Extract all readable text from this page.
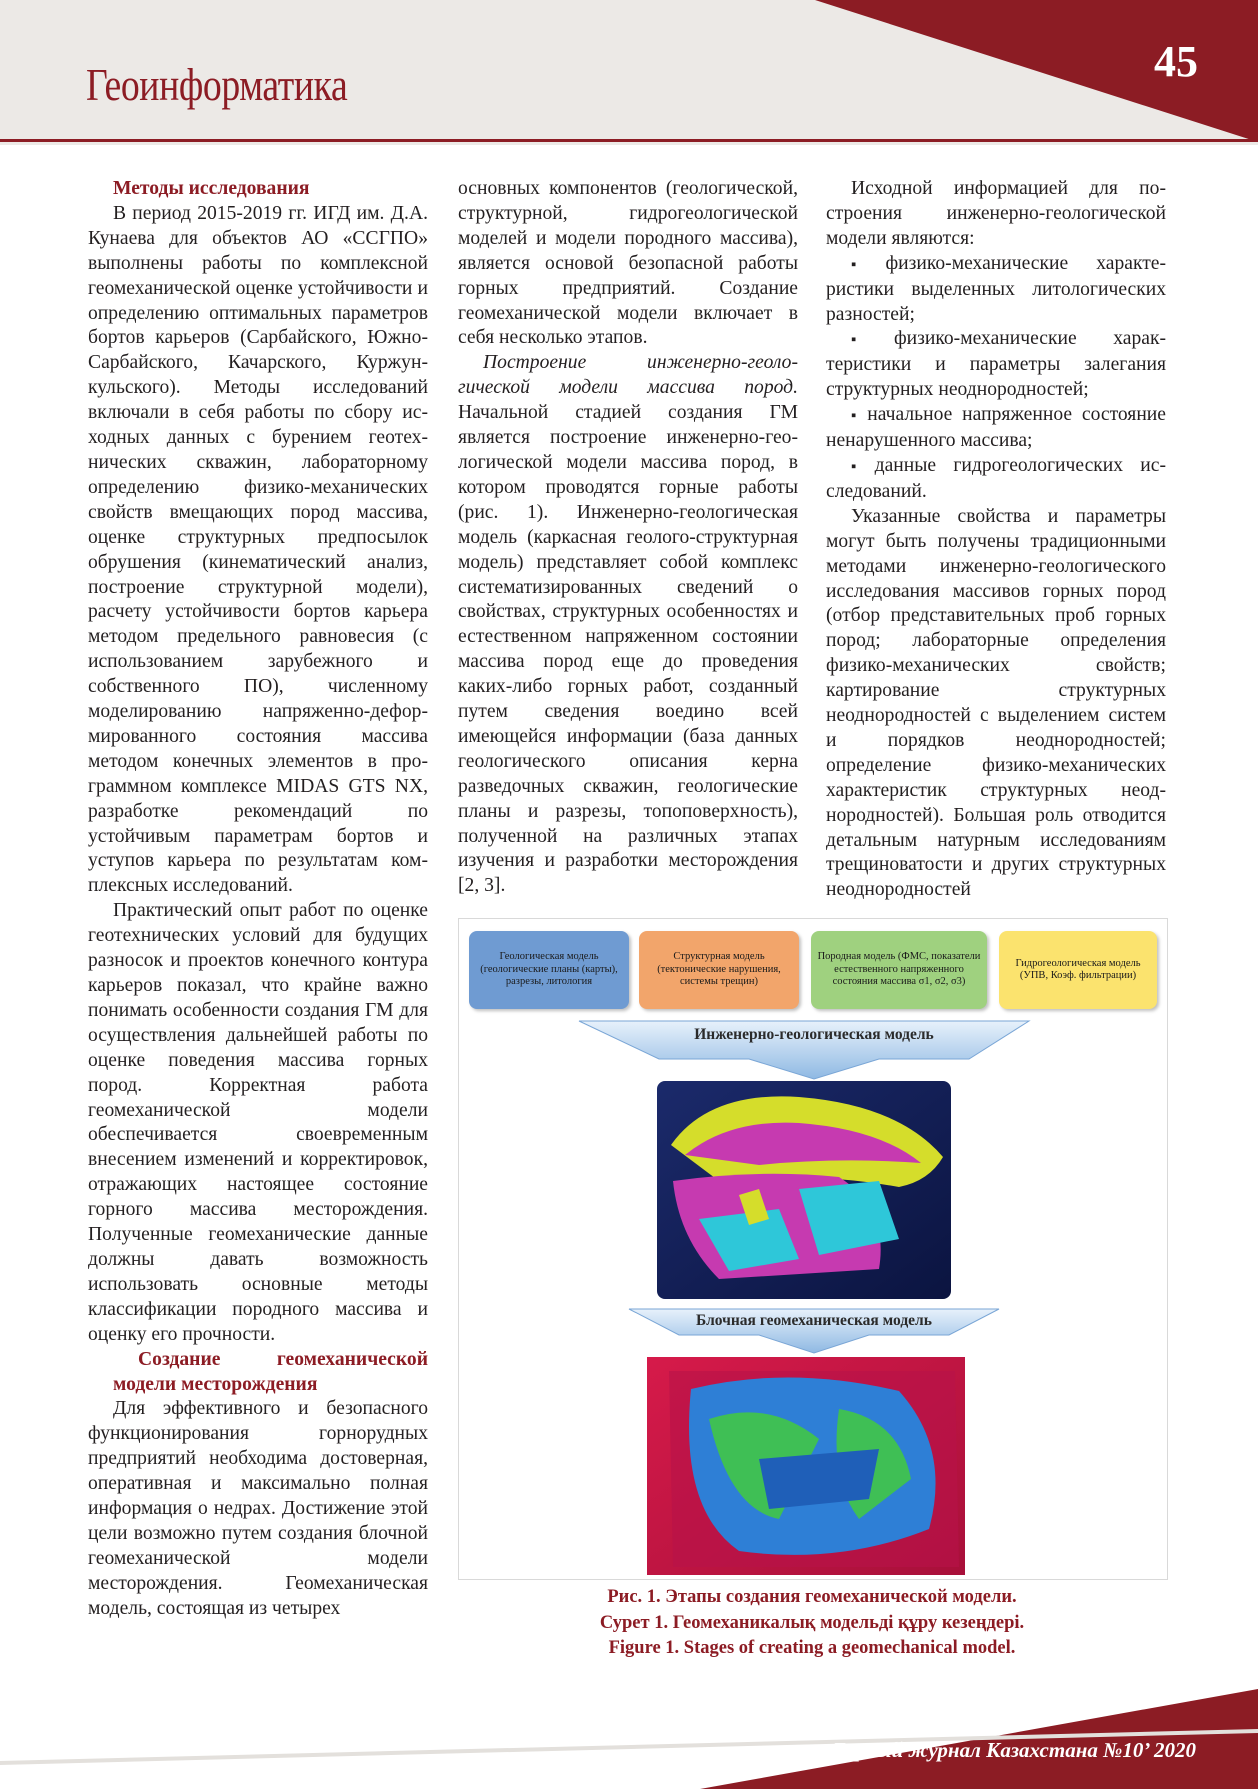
Геоинформатика	45

Методы исследования

В период 2015-2019 гг. ИГД им. Д.А. Кунаева для объектов АО «ССГПО» выполнены работы по комплексной геомеханической оценке устойчивости и определению оптимальных параметров бортов карьеров (Сарбайского, Южно-Сарбайского, Качарского, Куржункульского). Методы исследований включали в себя работы по сбору исходных данных с бурением геотехнических скважин, лабораторному определению физико-механических свойств вмещающих пород массива, оценке структурных предпосылок обрушения (кинематический анализ, построение структурной модели), расчету устойчивости бортов карьера методом предельного равновесия (с использованием зарубежного и собственного ПО), численному моделированию напряженно-деформированного состояния массива методом конечных элементов в программном комплексе MIDAS GTS NX, разработке рекомендаций по устойчивым параметрам бортов и уступов карьера по результатам комплексных исследований.

Практический опыт работ по оценке геотехнических условий для будущих разносок и проектов конечного контура карьеров показал, что крайне важно понимать особенности создания ГМ для осуществления дальнейшей работы по оценке поведения массива горных пород. Корректная работа геомеханической модели обеспечивается своевременным внесением изменений и корректировок, отражающих настоящее состояние горного массива месторождения. Полученные геомеханические данные должны давать возможность использовать основные методы классификации породного массива и оценку его прочности.

Создание геомеханической модели месторождения

Для эффективного и безопасного функционирования горнорудных предприятий необходима достоверная, оперативная и максимально полная информация о недрах. Достижение этой цели возможно путем создания блочной геомеханической модели месторождения. Геомеханическая модель, состоящая из четырех

основных компонентов (геологической, структурной, гидрогеологической моделей и модели породного массива), является основой безопасной работы горных предприятий. Создание геомеханической модели включает в себя несколько этапов.

Построение инженерно-геологической модели массива пород. Начальной стадией создания ГМ является построение инженерно-геологической модели массива пород, в котором проводятся горные работы (рис. 1). Инженерно-геологическая модель (каркасная геолого-структурная модель) представляет собой комплекс систематизированных сведений о свойствах, структурных особенностях и естественном напряженном состоянии массива пород еще до проведения каких-либо горных работ, созданный путем сведения воедино всей имеющейся информации (база данных геологического описания керна разведочных скважин, геологические планы и разрезы, топоповерхность), полученной на различных этапах изучения и разработки месторождения [2, 3].

Исходной информацией для построения инженерно-геологической модели являются:

▪ физико-механические характеристики выделенных литологических разностей;
▪ физико-механические характеристики и параметры залегания структурных неоднородностей;
▪ начальное напряженное состояние ненарушенного массива;
▪ данные гидрогеологических исследований.

Указанные свойства и параметры могут быть получены традиционными методами инженерно-геологического исследования массивов горных пород (отбор представительных проб горных пород; лабораторные определения физико-механических свойств; картирование структурных неоднородностей с выделением систем и порядков неоднородностей; определение физико-механических характеристик структурных неоднородностей). Большая роль отводится детальным натурным исследованиям трещиноватости и других структурных неоднородностей

Геологическая модель (геологические планы (карты), разрезы, литология
Структурная модель (тектонические нарушения, системы трещин)
Породная модель (ФМС, показатели естественного напряженного состояния массива σ1, σ2, σ3)
Гидрогеологическая модель (УПВ, Коэф. фильтрации)
Инженерно-геологическая модель
Блочная геомеханическая модель
Рис. 1. Этапы создания геомеханической модели.
Сурет 1. Геомеханикалық модельді құру кезеңдері.
Figure 1. Stages of creating a geomechanical model.
Горный журнал Казахстана №10’ 2020
